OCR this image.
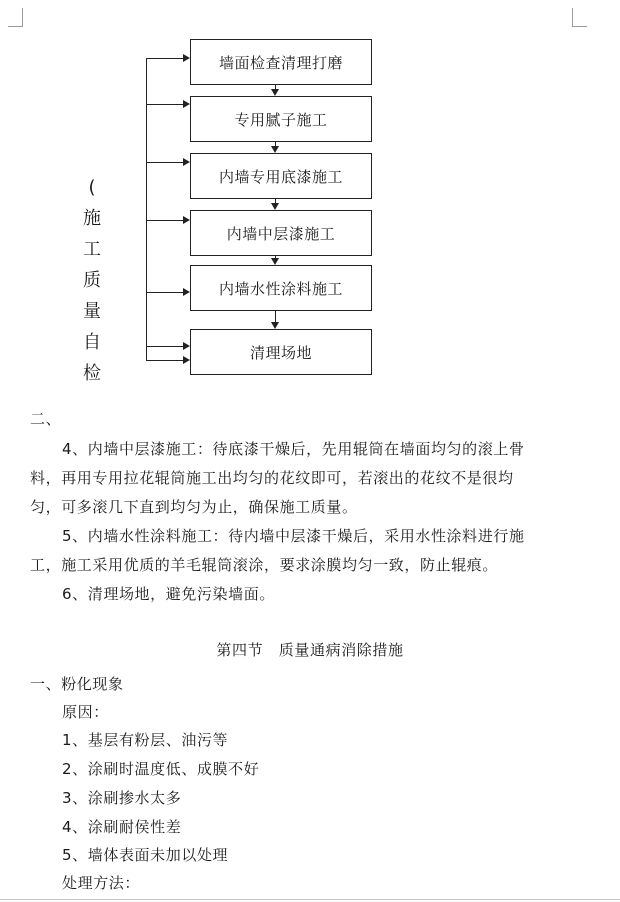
墙面检查清理打磨
专用腻子施工
内墙专用底漆施工
内墙中层漆施工
内墙水性涂料施工
清理场地
(
施
工
质
量
自
检
二、
4、内墙中层漆施工：待底漆干燥后，先用辊筒在墙面均匀的滚上骨
料，再用专用拉花辊筒施工出均匀的花纹即可，若滚出的花纹不是很均
匀，可多滚几下直到均匀为止，确保施工质量。
5、内墙水性涂料施工：待内墙中层漆干燥后，采用水性涂料进行施
工，施工采用优质的羊毛辊筒滚涂，要求涂膜均匀一致，防止辊痕。
6、清理场地，避免污染墙面。
第四节　质量通病消除措施
一、粉化现象
原因：
1、基层有粉层、油污等
2、涂刷时温度低、成膜不好
3、涂刷掺水太多
4、涂刷耐侯性差
5、墙体表面未加以处理
处理方法：
